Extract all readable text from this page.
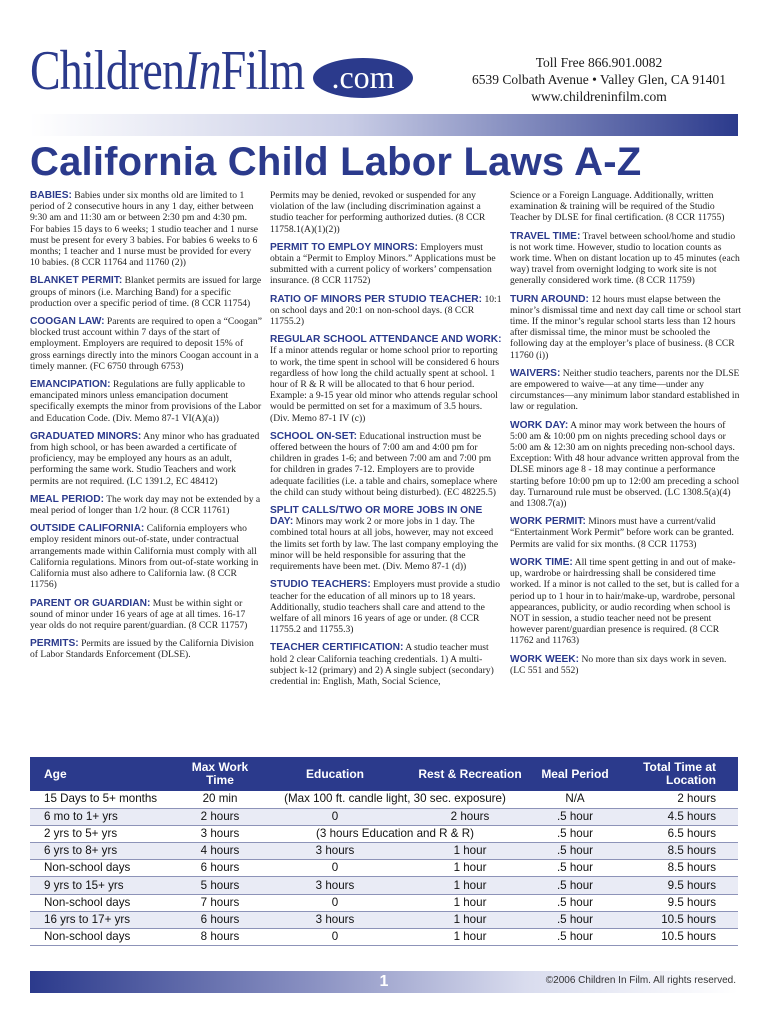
ChildrenInFilm .com	Toll Free 866.901.0082
6539 Colbath Avenue • Valley Glen, CA 91401
www.childreninfilm.com
California Child Labor Laws A-Z

BABIES: Babies under six months old are limited to 1 period of 2 consecutive hours in any 1 day, either between 9:30 am and 11:30 am or between 2:30 pm and 4:30 pm. For babies 15 days to 6 weeks; 1 studio teacher and 1 nurse must be present for every 3 babies. For babies 6 weeks to 6 months; 1 teacher and 1 nurse must be provided for every 10 babies. (8 CCR 11764 and 11760 (2))

BLANKET PERMIT: Blanket permits are issued for large groups of minors (i.e. Marching Band) for a specific production over a specific period of time. (8 CCR 11754)

COOGAN LAW: Parents are required to open a “Coogan” blocked trust account within 7 days of the start of employment. Employers are required to deposit 15% of gross earnings directly into the minors Coogan account in a timely manner. (FC 6750 through 6753)

EMANCIPATION: Regulations are fully applicable to emancipated minors unless emancipation document specifically exempts the minor from provisions of the Labor and Education Code. (Div. Memo 87-1 VI(A)(a))

GRADUATED MINORS: Any minor who has graduated from high school, or has been awarded a certificate of proficiency, may be employed any hours as an adult, performing the same work. Studio Teachers and work permits are not required. (LC 1391.2, EC 48412)

MEAL PERIOD: The work day may not be extended by a meal period of longer than 1/2 hour. (8 CCR 11761)

OUTSIDE CALIFORNIA: California employers who employ resident minors out-of-state, under contractual arrangements made within California must comply with all California regulations. Minors from out-of-state working in California must also adhere to California law. (8 CCR 11756)

PARENT OR GUARDIAN: Must be within sight or sound of minor under 16 years of age at all times. 16-17 year olds do not require parent/guardian. (8 CCR 11757)

PERMITS: Permits are issued by the California Division of Labor Standards Enforcement (DLSE).

Permits may be denied, revoked or suspended for any violation of the law (including discrimination against a studio teacher for performing authorized duties. (8 CCR 11758.1(A)(1)(2))

PERMIT TO EMPLOY MINORS: Employers must obtain a “Permit to Employ Minors.” Applications must be submitted with a current policy of workers’ compensation insurance. (8 CCR 11752)

RATIO OF MINORS PER STUDIO TEACHER: 10:1 on school days and 20:1 on non-school days. (8 CCR 11755.2)

REGULAR SCHOOL ATTENDANCE AND WORK: If a minor attends regular or home school prior to reporting to work, the time spent in school will be considered 6 hours regardless of how long the child actually spent at school. 1 hour of R & R will be allocated to that 6 hour period. Example: a 9-15 year old minor who attends regular school would be permitted on set for a maximum of 3.5 hours. (Div. Memo 87-1 IV (c))

SCHOOL ON-SET: Educational instruction must be offered between the hours of 7:00 am and 4:00 pm for children in grades 1-6; and between 7:00 am and 7:00 pm for children in grades 7-12. Employers are to provide adequate facilities (i.e. a table and chairs, someplace where the child can study without being disturbed). (EC 48225.5)

SPLIT CALLS/TWO OR MORE JOBS IN ONE DAY: Minors may work 2 or more jobs in 1 day. The combined total hours at all jobs, however, may not exceed the limits set forth by law. The last company employing the minor will be held responsible for assuring that the requirements have been met. (Div. Memo 87-1 (d))

STUDIO TEACHERS: Employers must provide a studio teacher for the education of all minors up to 18 years. Additionally, studio teachers shall care and attend to the welfare of all minors 16 years of age or under. (8 CCR 11755.2 and 11755.3)

TEACHER CERTIFICATION: A studio teacher must hold 2 clear California teaching credentials. 1) A multi-subject k-12 (primary) and 2) A single subject (secondary) credential in: English, Math, Social Science,

Science or a Foreign Language. Additionally, written examination & training will be required of the Studio Teacher by DLSE for final certification. (8 CCR 11755)

TRAVEL TIME: Travel between school/home and studio is not work time. However, studio to location counts as work time. When on distant location up to 45 minutes (each way) travel from overnight lodging to work site is not generally considered work time. (8 CCR 11759)

TURN AROUND: 12 hours must elapse between the minor’s dismissal time and next day call time or school start time. If the minor’s regular school starts less than 12 hours after dismissal time, the minor must be schooled the following day at the employer’s place of business. (8 CCR 11760 (i))

WAIVERS: Neither studio teachers, parents nor the DLSE are empowered to waive—at any time—under any circumstances—any minimum labor standard established in law or regulation.

WORK DAY: A minor may work between the hours of 5:00 am & 10:00 pm on nights preceding school days or 5:00 am & 12:30 am on nights preceding non-school days. Exception: With 48 hour advance written approval from the DLSE minors age 8 - 18 may continue a performance starting before 10:00 pm up to 12:00 am preceding a school day. Turnaround rule must be observed. (LC 1308.5(a)(4) and 1308.7(a))

WORK PERMIT: Minors must have a current/valid “Entertainment Work Permit” before work can be granted. Permits are valid for six months. (8 CCR 11753)

WORK TIME: All time spent getting in and out of make-up, wardrobe or hairdressing shall be considered time worked. If a minor is not called to the set, but is called for a period up to 1 hour in to hair/make-up, wardrobe, personal appearances, publicity, or audio recording when school is NOT in session, a studio teacher need not be present however parent/guardian presence is required. (8 CCR 11762 and 11763)

WORK WEEK: No more than six days work in seven. (LC 551 and 552)

Age	Max Work Time	Education	Rest & Recreation	Meal Period	Total Time at Location
15 Days to 5+ months	20 min	(Max 100 ft. candle light, 30 sec. exposure)		N/A	2 hours
6 mo to 1+ yrs	2 hours	0	2 hours	.5 hour	4.5 hours
2 yrs to 5+ yrs	3 hours	(3 hours Education and R & R)		.5 hour	6.5 hours
6 yrs to 8+ yrs	4 hours	3 hours	1 hour	.5 hour	8.5 hours
Non-school days	6 hours	0	1 hour	.5 hour	8.5 hours
9 yrs to 15+ yrs	5 hours	3 hours	1 hour	.5 hour	9.5 hours
Non-school days	7 hours	0	1 hour	.5 hour	9.5 hours
16 yrs to 17+ yrs	6 hours	3 hours	1 hour	.5 hour	10.5 hours
Non-school days	8 hours	0	1 hour	.5 hour	10.5 hours
1	©2006 Children In Film. All rights reserved.
